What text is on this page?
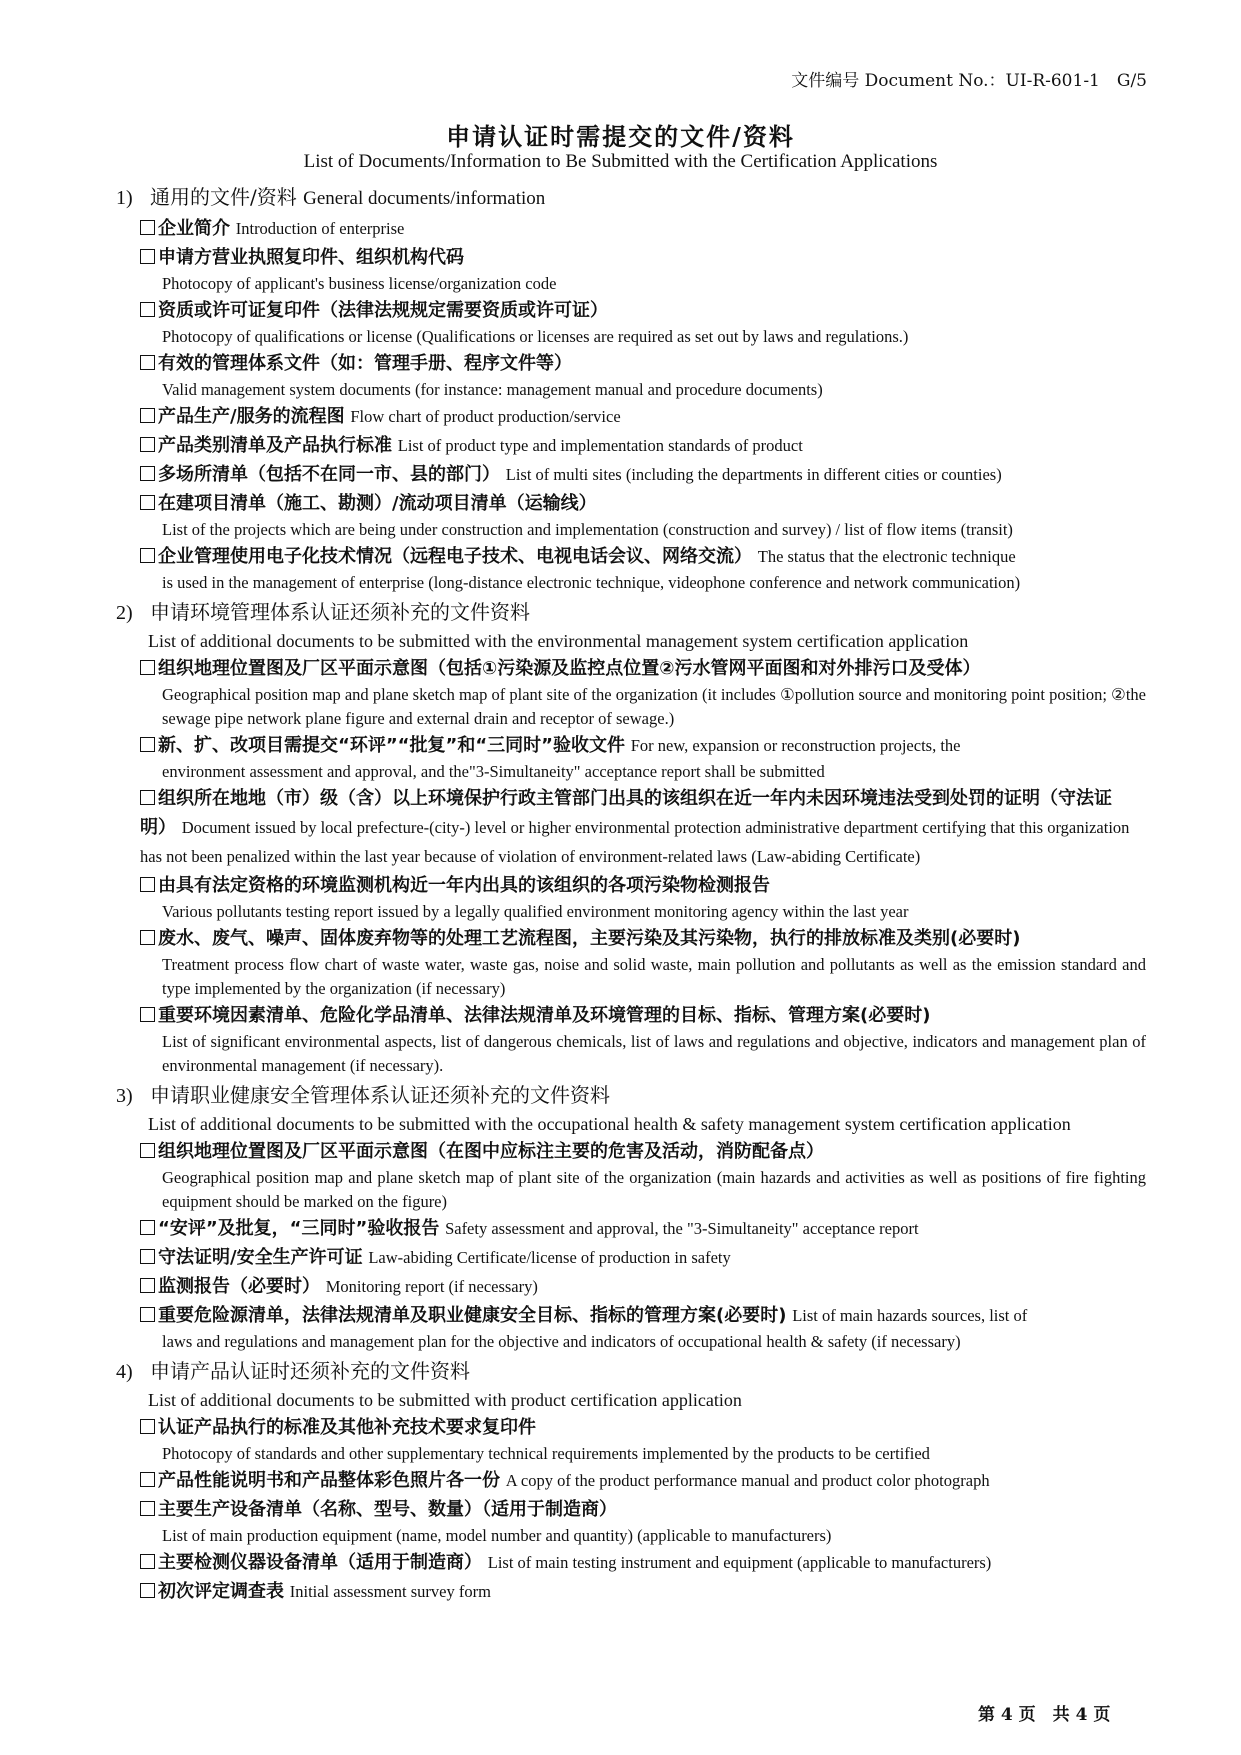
文件编号 Document No.：UI-R-601-1　G/5
申请认证时需提交的文件/资料
List of Documents/Information to Be Submitted with the Certification Applications
1) 通用的文件/资料 General documents/information
企业简介 Introduction of enterprise
申请方营业执照复印件、组织机构代码
Photocopy of applicant's business license/organization code
资质或许可证复印件（法律法规规定需要资质或许可证）
Photocopy of qualifications or license (Qualifications or licenses are required as set out by laws and regulations.)
有效的管理体系文件（如：管理手册、程序文件等）
Valid management system documents (for instance: management manual and procedure documents)
产品生产/服务的流程图 Flow chart of product production/service
产品类别清单及产品执行标准 List of product type and implementation standards of product
多场所清单（包括不在同一市、县的部门） List of multi sites (including the departments in different cities or counties)
在建项目清单（施工、勘测）/流动项目清单（运输线）
List of the projects which are being under construction and implementation (construction and survey) / list of flow items (transit)
企业管理使用电子化技术情况（远程电子技术、电视电话会议、网络交流） The status that the electronic technique
is used in the management of enterprise (long-distance electronic technique, videophone conference and network communication)
2) 申请环境管理体系认证还须补充的文件资料
List of additional documents to be submitted with the environmental management system certification application
组织地理位置图及厂区平面示意图（包括①污染源及监控点位置②污水管网平面图和对外排污口及受体）
Geographical position map and plane sketch map of plant site of the organization (it includes ①pollution source and monitoring point position; ②the sewage pipe network plane figure and external drain and receptor of sewage.)
新、扩、改项目需提交“环评”“批复”和“三同时”验收文件 For new, expansion or reconstruction projects, the
environment assessment and approval, and the"3-Simultaneity" acceptance report shall be submitted
组织所在地地（市）级（含）以上环境保护行政主管部门出具的该组织在近一年内未因环境违法受到处罚的证明（守法证明） Document issued by local prefecture-(city-) level or higher environmental protection administrative department certifying that this organization has not been penalized within the last year because of violation of environment-related laws (Law-abiding Certificate)
由具有法定资格的环境监测机构近一年内出具的该组织的各项污染物检测报告
Various pollutants testing report issued by a legally qualified environment monitoring agency within the last year
废水、废气、噪声、固体废弃物等的处理工艺流程图，主要污染及其污染物，执行的排放标准及类别(必要时)
Treatment process flow chart of waste water, waste gas, noise and solid waste, main pollution and pollutants as well as the emission standard and type implemented by the organization (if necessary)
重要环境因素清单、危险化学品清单、法律法规清单及环境管理的目标、指标、管理方案(必要时)
List of significant environmental aspects, list of dangerous chemicals, list of laws and regulations and objective, indicators and management plan of environmental management (if necessary).
3) 申请职业健康安全管理体系认证还须补充的文件资料
List of additional documents to be submitted with the occupational health & safety management system certification application
组织地理位置图及厂区平面示意图（在图中应标注主要的危害及活动，消防配备点）
Geographical position map and plane sketch map of plant site of the organization (main hazards and activities as well as positions of fire fighting equipment should be marked on the figure)
“安评”及批复，“三同时”验收报告 Safety assessment and approval, the "3-Simultaneity" acceptance report
守法证明/安全生产许可证 Law-abiding Certificate/license of production in safety
监测报告（必要时） Monitoring report (if necessary)
重要危险源清单，法律法规清单及职业健康安全目标、指标的管理方案(必要时) List of main hazards sources, list of
laws and regulations and management plan for the objective and indicators of occupational health & safety (if necessary)
4) 申请产品认证时还须补充的文件资料
List of additional documents to be submitted with product certification application
认证产品执行的标准及其他补充技术要求复印件
Photocopy of standards and other supplementary technical requirements implemented by the products to be certified
产品性能说明书和产品整体彩色照片各一份 A copy of the product performance manual and product color photograph
主要生产设备清单（名称、型号、数量）（适用于制造商）
List of main production equipment (name, model number and quantity) (applicable to manufacturers)
主要检测仪器设备清单（适用于制造商） List of main testing instrument and equipment (applicable to manufacturers)
初次评定调查表 Initial assessment survey form
第 4 页　共 4 页
